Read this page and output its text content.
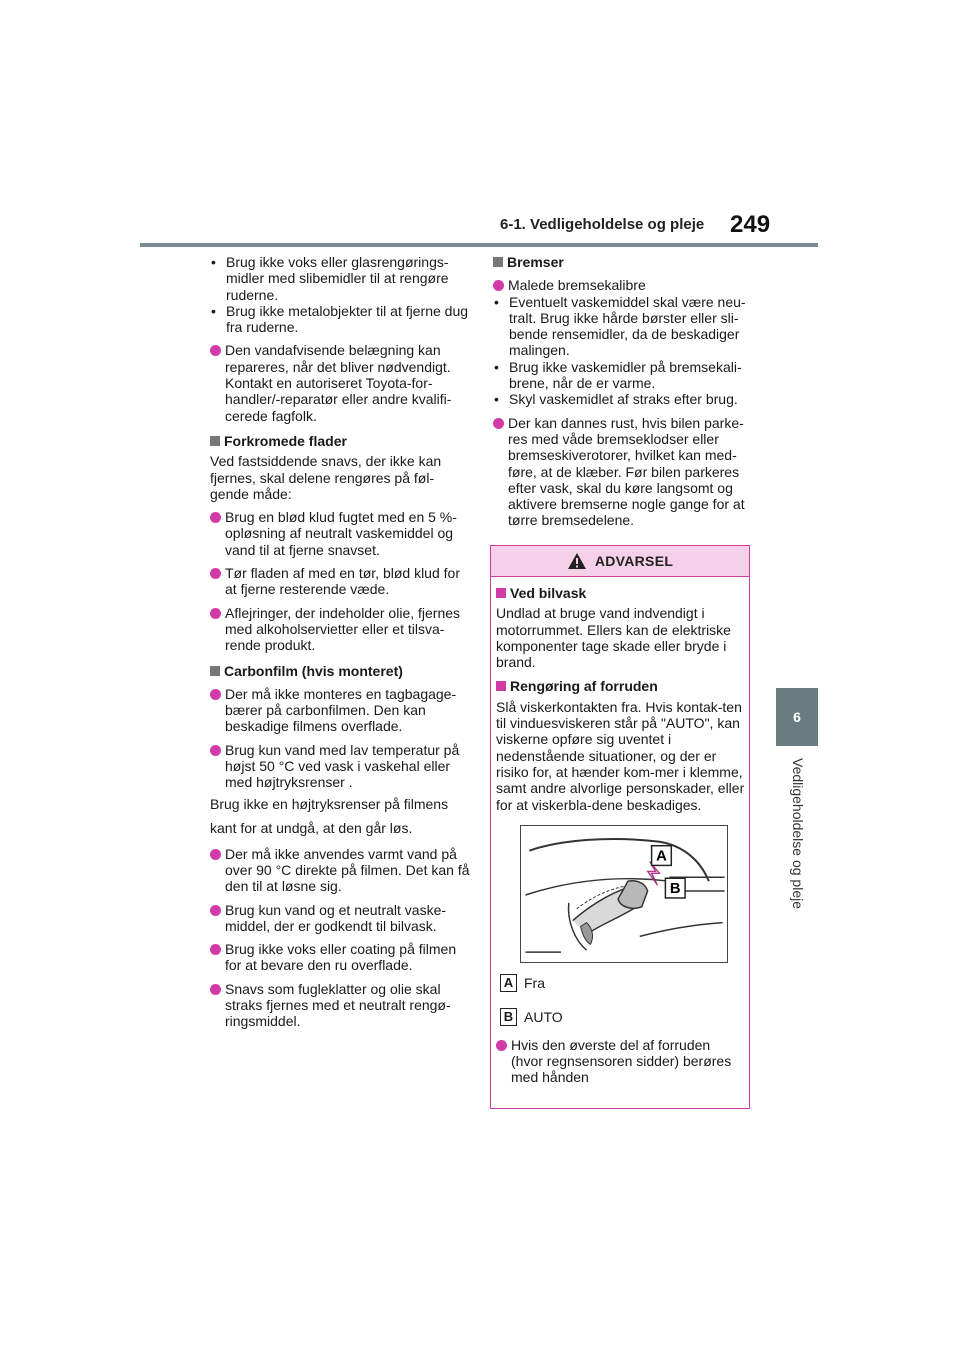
6-1. Vedligeholdelse og pleje 249
6
Vedligeholdelse og pleje
• Brug ikke voks eller glasrengørings-midler med slibemidler til at rengøre ruderne.
• Brug ikke metalobjekter til at fjerne dug fra ruderne.
Den vandafvisende belægning kan repareres, når det bliver nødvendigt. Kontakt en autoriseret Toyota-for-handler/-reparatør eller andre kvalifi-cerede fagfolk.
Forkromede flader
Ved fastsiddende snavs, der ikke kan fjernes, skal delene rengøres på føl-gende måde:
Brug en blød klud fugtet med en 5 %-opløsning af neutralt vaskemiddel og vand til at fjerne snavset.
Tør fladen af med en tør, blød klud for at fjerne resterende væde.
Aflejringer, der indeholder olie, fjernes med alkoholservietter eller et tilsva-rende produkt.
Carbonfilm (hvis monteret)
Der må ikke monteres en tagbagage-bærer på carbonfilmen. Den kan beskadige filmens overflade.
Brug kun vand med lav temperatur på højst 50 °C ved vask i vaskehal eller med højtryksrenser .
Brug ikke en højtryksrenser på filmens
kant for at undgå, at den går løs.
Der må ikke anvendes varmt vand på over 90 °C direkte på filmen. Det kan få den til at løsne sig.
Brug kun vand og et neutralt vaske-middel, der er godkendt til bilvask.
Brug ikke voks eller coating på filmen for at bevare den ru overflade.
Snavs som fugleklatter og olie skal straks fjernes med et neutralt rengø-ringsmiddel.
Bremser
Malede bremsekalibre
• Eventuelt vaskemiddel skal være neu-tralt. Brug ikke hårde børster eller sli-bende rensemidler, da de beskadiger malingen.
• Brug ikke vaskemidler på bremsekali-brene, når de er varme.
• Skyl vaskemidlet af straks efter brug.
Der kan dannes rust, hvis bilen parke-res med våde bremseklodser eller bremseskiverotorer, hvilket kan med-føre, at de klæber. Før bilen parkeres efter vask, skal du køre langsomt og aktivere bremserne nogle gange for at tørre bremsedelene.
ADVARSEL
Ved bilvask
Undlad at bruge vand indvendigt i motorrummet. Ellers kan de elektriske komponenter tage skade eller bryde i brand.
Rengøring af forruden
Slå viskerkontakten fra. Hvis kontak-ten til vinduesviskeren står på "AUTO", kan viskerne opføre sig uventet i nedenstående situationer, og der er risiko for, at hænder kom-mer i klemme, samt andre alvorlige personskader, eller for at viskerbla-dene beskadiges.
A
B
A Fra
B AUTO
Hvis den øverste del af forruden (hvor regnsensoren sidder) berøres med hånden
